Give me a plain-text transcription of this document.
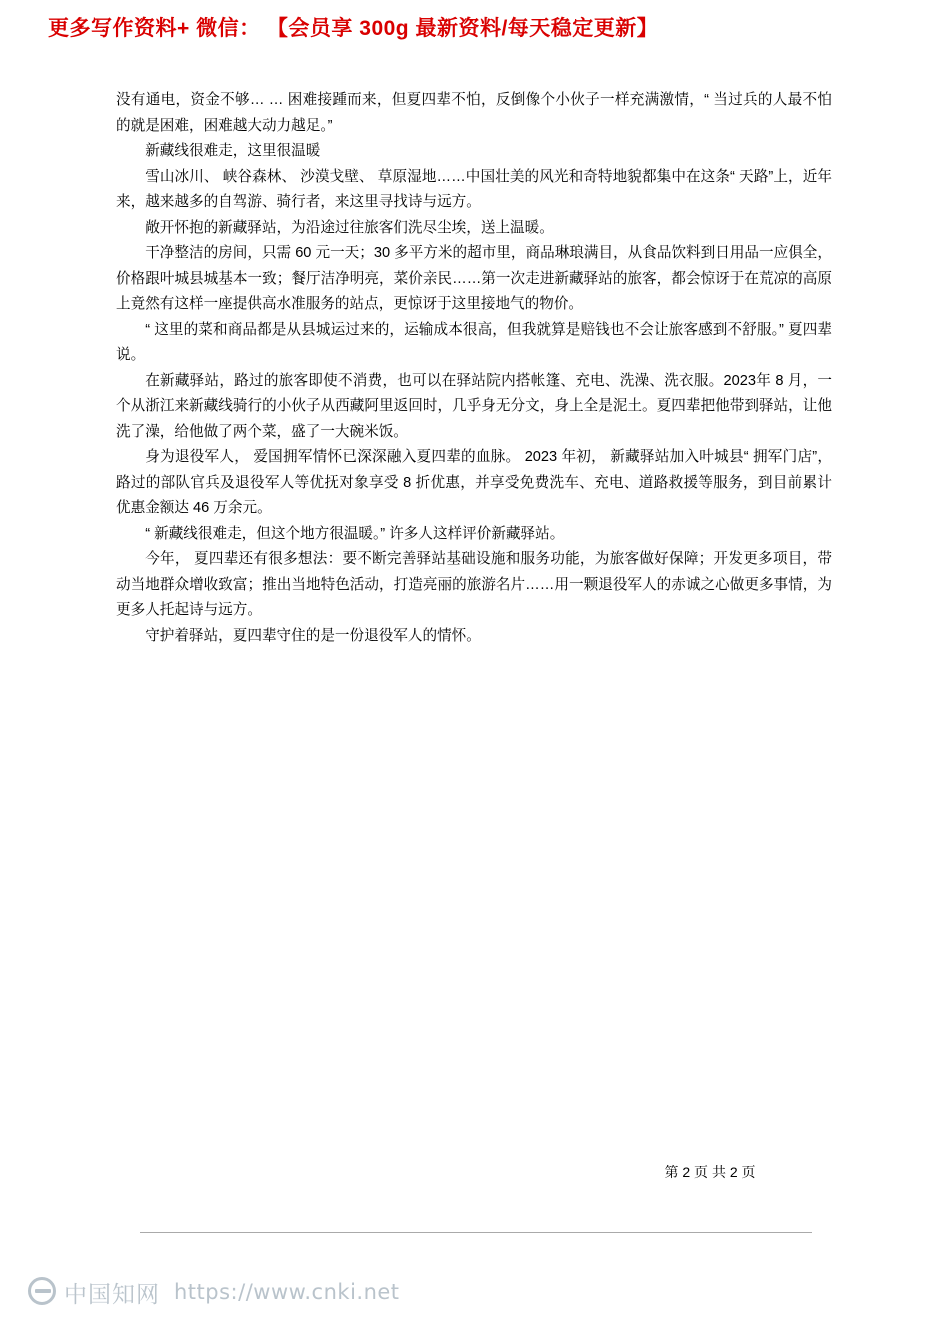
更多写作资料+ 微信： 【会员享 300g 最新资料/每天稳定更新】

没有通电，资金不够… … 困难接踵而来，但夏四辈不怕，反倒像个小伙子一样充满激情，“ 当过兵的人最不怕的就是困难，困难越大动力越足。”

新藏线很难走，这里很温暖

雪山冰川、 峡谷森林、 沙漠戈壁、 草原湿地……中国壮美的风光和奇特地貌都集中在这条“ 天路”上，近年来，越来越多的自驾游、骑行者，来这里寻找诗与远方。

敞开怀抱的新藏驿站，为沿途过往旅客们洗尽尘埃，送上温暖。

干净整洁的房间，只需 60 元一天；30 多平方米的超市里，商品琳琅满目，从食品饮料到日用品一应俱全，价格跟叶城县城基本一致；餐厅洁净明亮，菜价亲民……第一次走进新藏驿站的旅客，都会惊讶于在荒凉的高原上竟然有这样一座提供高水准服务的站点，更惊讶于这里接地气的物价。

“ 这里的菜和商品都是从县城运过来的，运输成本很高，但我就算是赔钱也不会让旅客感到不舒服。” 夏四辈说。

在新藏驿站，路过的旅客即使不消费，也可以在驿站院内搭帐篷、充电、洗澡、洗衣服。2023年 8 月，一个从浙江来新藏线骑行的小伙子从西藏阿里返回时，几乎身无分文，身上全是泥土。夏四辈把他带到驿站，让他洗了澡，给他做了两个菜，盛了一大碗米饭。

身为退役军人， 爱国拥军情怀已深深融入夏四辈的血脉。 2023 年初， 新藏驿站加入叶城县“ 拥军门店”，路过的部队官兵及退役军人等优抚对象享受 8 折优惠，并享受免费洗车、充电、道路救援等服务，到目前累计优惠金额达 46 万余元。

“ 新藏线很难走，但这个地方很温暖。” 许多人这样评价新藏驿站。

今年， 夏四辈还有很多想法：要不断完善驿站基础设施和服务功能，为旅客做好保障；开发更多项目，带动当地群众增收致富；推出当地特色活动，打造亮丽的旅游名片……用一颗退役军人的赤诚之心做更多事情，为更多人托起诗与远方。

守护着驿站，夏四辈守住的是一份退役军人的情怀。

第 2 页 共 2 页
中国知网 https://www.cnki.net
